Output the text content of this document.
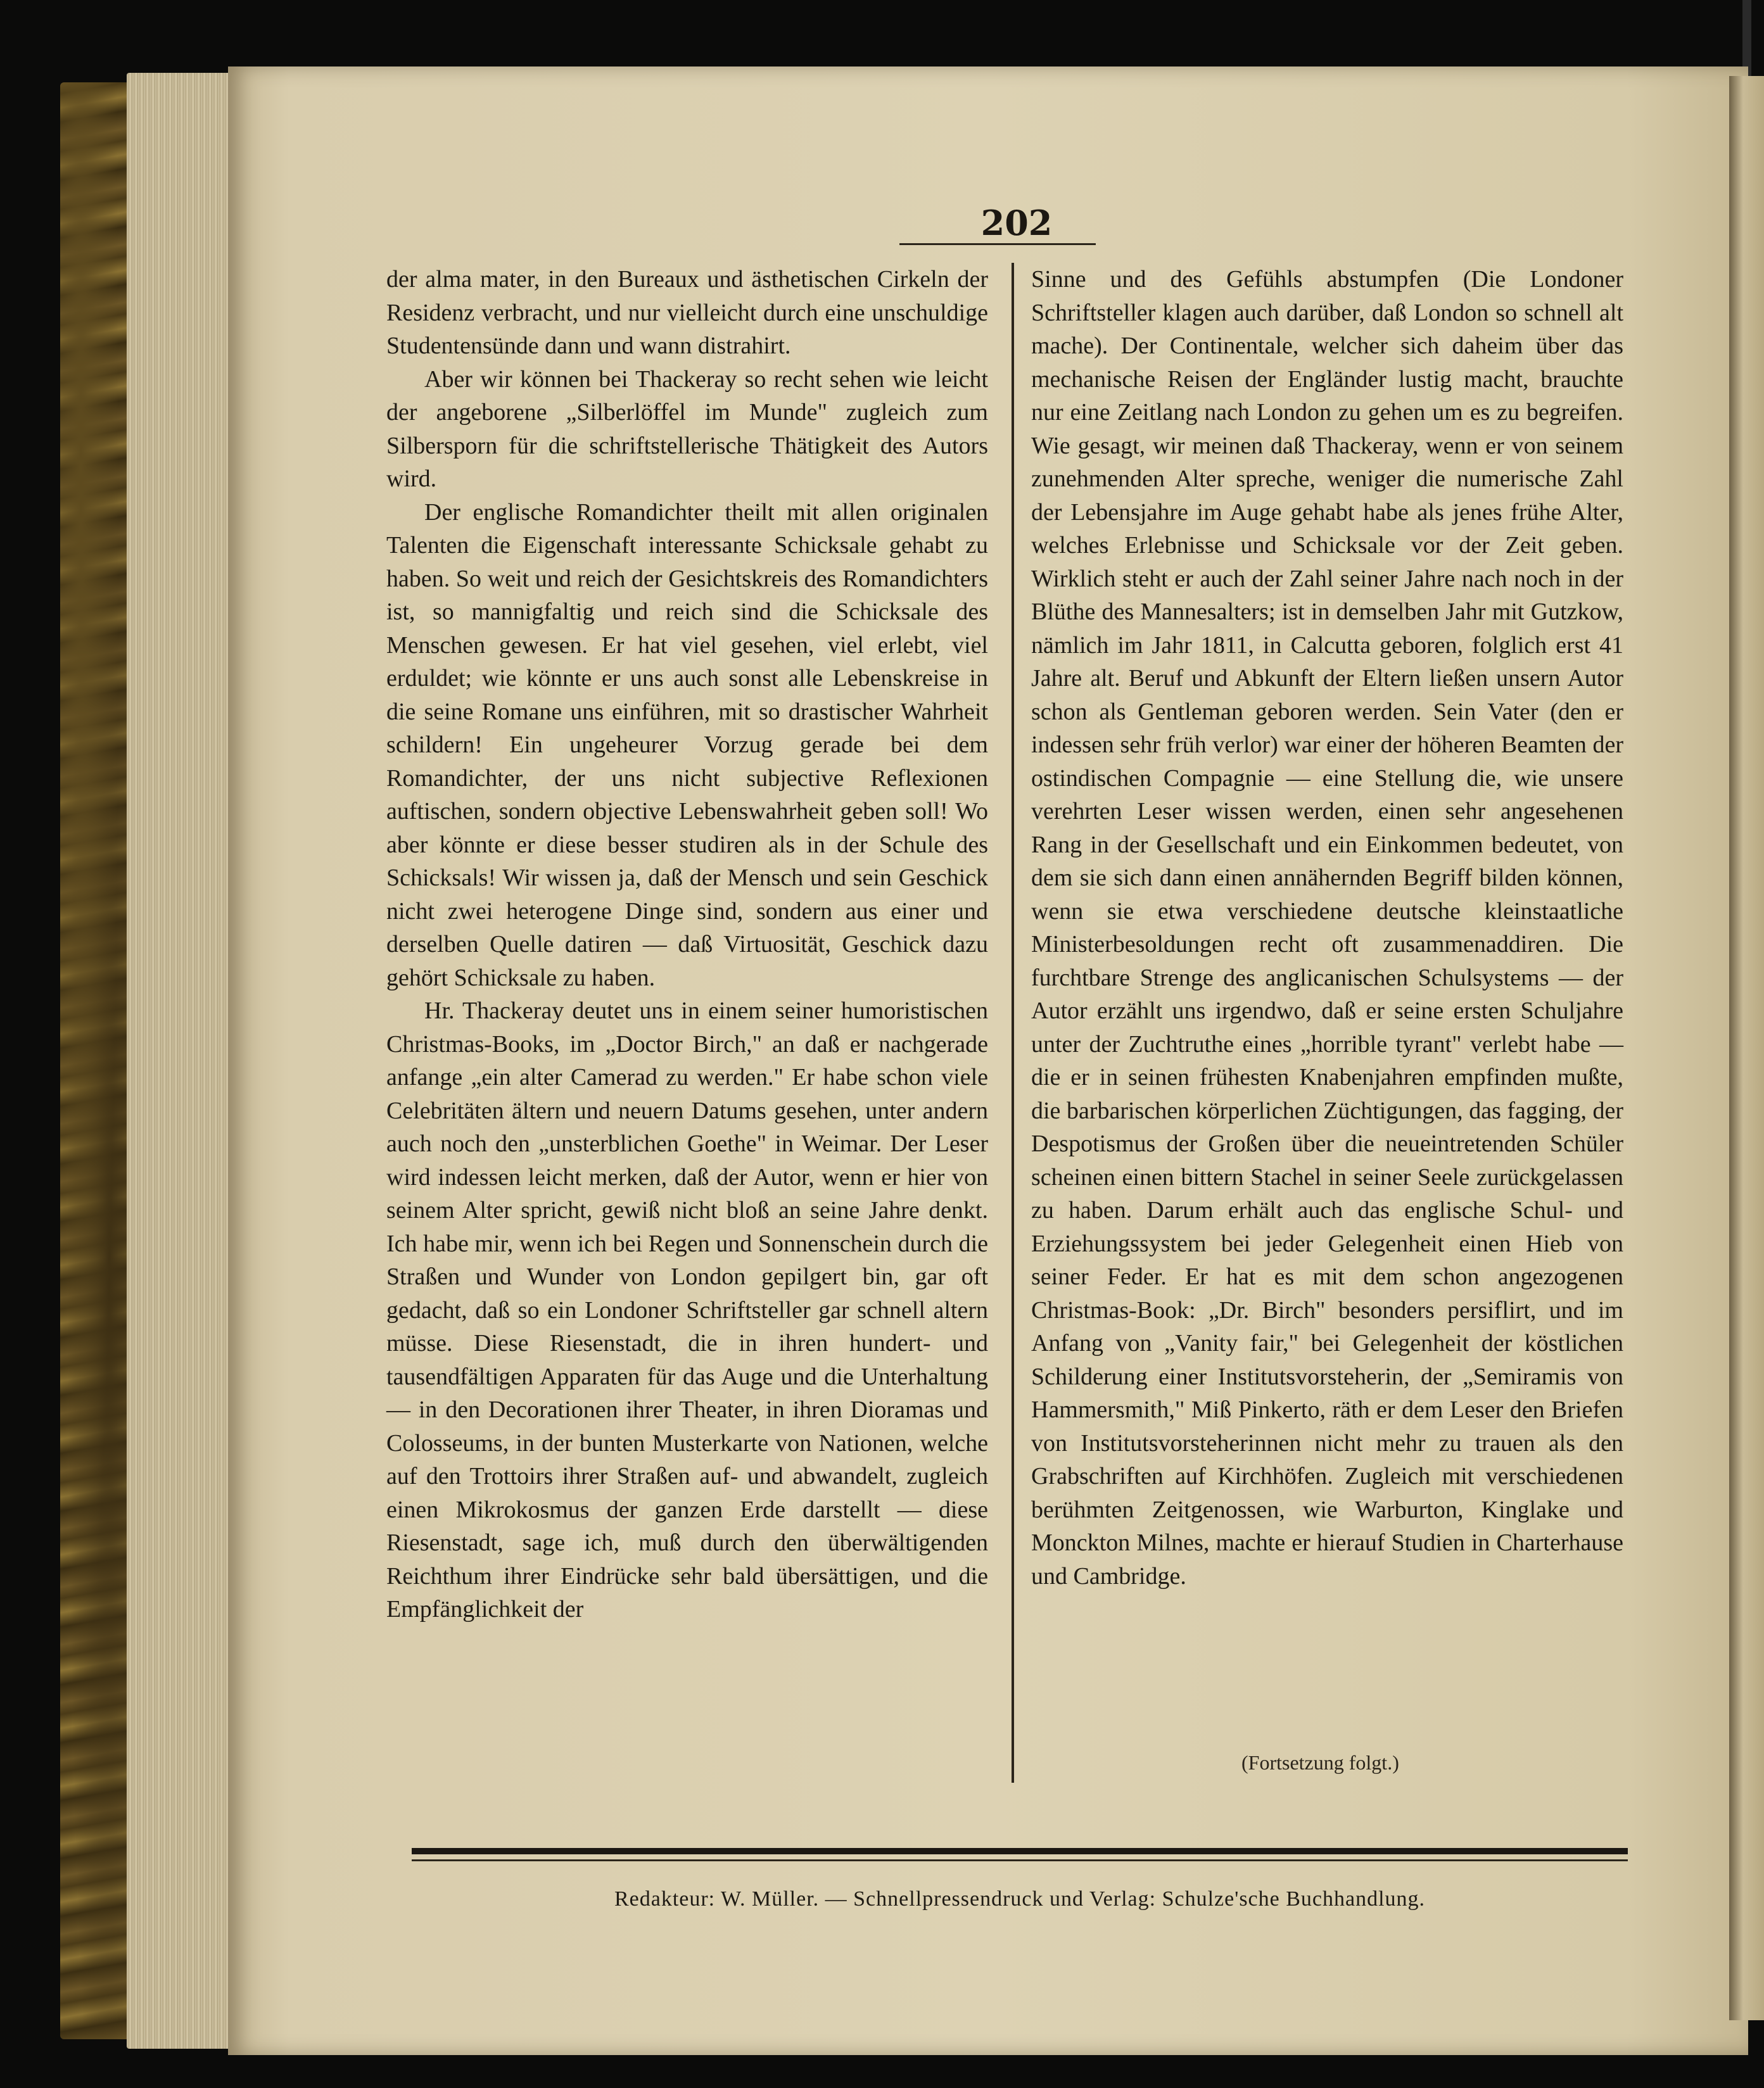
202

der alma mater, in den Bureaux und ästhetischen Cirkeln der Residenz verbracht, und nur vielleicht durch eine unschuldige Studentensünde dann und wann distrahirt.

Aber wir können bei Thackeray so recht sehen wie leicht der angeborene „Silberlöffel im Munde" zugleich zum Silbersporn für die schriftstellerische Thätigkeit des Autors wird.

Der englische Romandichter theilt mit allen originalen Talenten die Eigenschaft interessante Schicksale gehabt zu haben. So weit und reich der Gesichtskreis des Romandichters ist, so mannigfaltig und reich sind die Schicksale des Menschen gewesen. Er hat viel gesehen, viel erlebt, viel erduldet; wie könnte er uns auch sonst alle Lebenskreise in die seine Romane uns einführen, mit so drastischer Wahrheit schildern! Ein ungeheurer Vorzug gerade bei dem Romandichter, der uns nicht subjective Reflexionen auftischen, sondern objective Lebenswahrheit geben soll! Wo aber könnte er diese besser studiren als in der Schule des Schicksals! Wir wissen ja, daß der Mensch und sein Geschick nicht zwei heterogene Dinge sind, sondern aus einer und derselben Quelle datiren — daß Virtuosität, Geschick dazu gehört Schicksale zu haben.

Hr. Thackeray deutet uns in einem seiner humoristischen Christmas-Books, im „Doctor Birch," an daß er nachgerade anfange „ein alter Camerad zu werden." Er habe schon viele Celebritäten ältern und neuern Datums gesehen, unter andern auch noch den „unsterblichen Goethe" in Weimar. Der Leser wird indessen leicht merken, daß der Autor, wenn er hier von seinem Alter spricht, gewiß nicht bloß an seine Jahre denkt. Ich habe mir, wenn ich bei Regen und Sonnenschein durch die Straßen und Wunder von London gepilgert bin, gar oft gedacht, daß so ein Londoner Schriftsteller gar schnell altern müsse. Diese Riesenstadt, die in ihren hundert- und tausendfältigen Apparaten für das Auge und die Unterhaltung — in den Decorationen ihrer Theater, in ihren Dioramas und Colosseums, in der bunten Musterkarte von Nationen, welche auf den Trottoirs ihrer Straßen auf- und abwandelt, zugleich einen Mikrokosmus der ganzen Erde darstellt — diese Riesenstadt, sage ich, muß durch den überwältigenden Reichthum ihrer Eindrücke sehr bald übersättigen, und die Empfänglichkeit der

Sinne und des Gefühls abstumpfen (Die Londoner Schriftsteller klagen auch darüber, daß London so schnell alt mache). Der Continentale, welcher sich daheim über das mechanische Reisen der Engländer lustig macht, brauchte nur eine Zeitlang nach London zu gehen um es zu begreifen. Wie gesagt, wir meinen daß Thackeray, wenn er von seinem zunehmenden Alter spreche, weniger die numerische Zahl der Lebensjahre im Auge gehabt habe als jenes frühe Alter, welches Erlebnisse und Schicksale vor der Zeit geben. Wirklich steht er auch der Zahl seiner Jahre nach noch in der Blüthe des Mannesalters; ist in demselben Jahr mit Gutzkow, nämlich im Jahr 1811, in Calcutta geboren, folglich erst 41 Jahre alt. Beruf und Abkunft der Eltern ließen unsern Autor schon als Gentleman geboren werden. Sein Vater (den er indessen sehr früh verlor) war einer der höheren Beamten der ostindischen Compagnie — eine Stellung die, wie unsere verehrten Leser wissen werden, einen sehr angesehenen Rang in der Gesellschaft und ein Einkommen bedeutet, von dem sie sich dann einen annähernden Begriff bilden können, wenn sie etwa verschiedene deutsche kleinstaatliche Ministerbesoldungen recht oft zusammenaddiren. Die furchtbare Strenge des anglicanischen Schulsystems — der Autor erzählt uns irgendwo, daß er seine ersten Schuljahre unter der Zuchtruthe eines „horrible tyrant" verlebt habe — die er in seinen frühesten Knabenjahren empfinden mußte, die barbarischen körperlichen Züchtigungen, das fagging, der Despotismus der Großen über die neueintretenden Schüler scheinen einen bittern Stachel in seiner Seele zurückgelassen zu haben. Darum erhält auch das englische Schul- und Erziehungssystem bei jeder Gelegenheit einen Hieb von seiner Feder. Er hat es mit dem schon angezogenen Christmas-Book: „Dr. Birch" besonders persiflirt, und im Anfang von „Vanity fair," bei Gelegenheit der köstlichen Schilderung einer Institutsvorsteherin, der „Semiramis von Hammersmith," Miß Pinkerto, räth er dem Leser den Briefen von Institutsvorsteherinnen nicht mehr zu trauen als den Grabschriften auf Kirchhöfen. Zugleich mit verschiedenen berühmten Zeitgenossen, wie Warburton, Kinglake und Monckton Milnes, machte er hierauf Studien in Charterhause und Cambridge.

(Fortsetzung folgt.)
Redakteur: W. Müller. — Schnellpressendruck und Verlag: Schulze'sche Buchhandlung.
